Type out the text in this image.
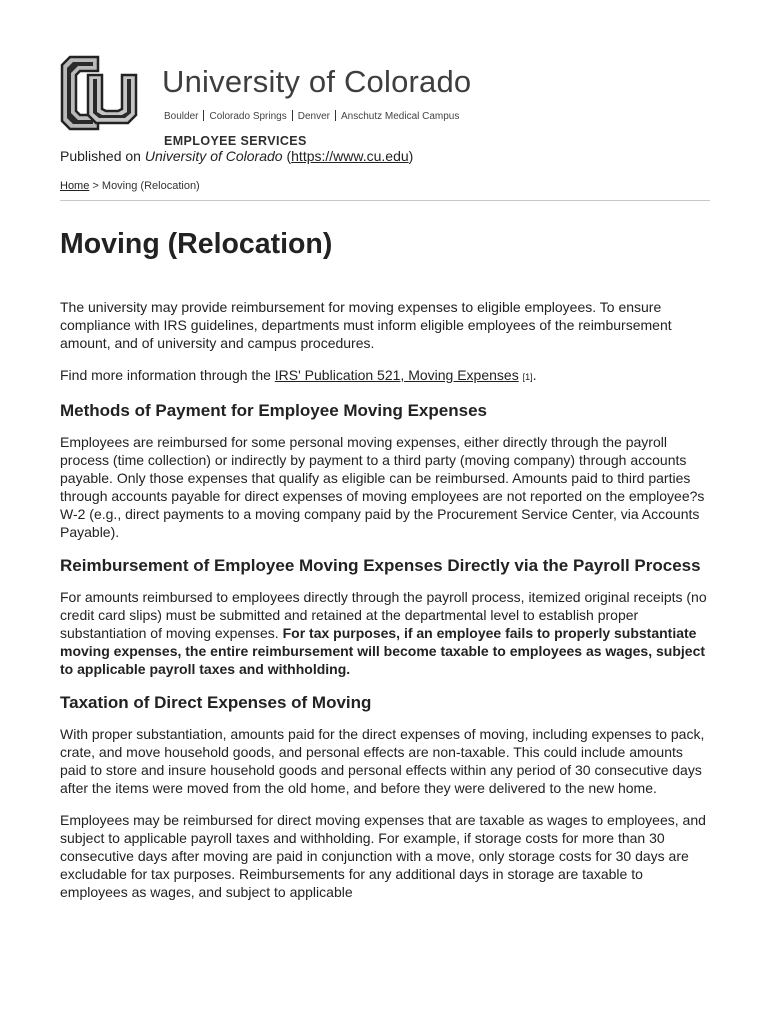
University of Colorado
Boulder Colorado Springs Denver Anschutz Medical Campus
EMPLOYEE SERVICES
Published on University of Colorado (https://www.cu.edu)
Home > Moving (Relocation)
Moving (Relocation)

The university may provide reimbursement for moving expenses to eligible employees. To ensure compliance with IRS guidelines, departments must inform eligible employees of the reimbursement amount, and of university and campus procedures.

Find more information through the IRS' Publication 521, Moving Expenses [1].

Methods of Payment for Employee Moving Expenses

Employees are reimbursed for some personal moving expenses, either directly through the payroll process (time collection) or indirectly by payment to a third party (moving company) through accounts payable. Only those expenses that qualify as eligible can be reimbursed. Amounts paid to third parties through accounts payable for direct expenses of moving employees are not reported on the employee?s W-2 (e.g., direct payments to a moving company paid by the Procurement Service Center, via Accounts Payable).

Reimbursement of Employee Moving Expenses Directly via the Payroll Process

For amounts reimbursed to employees directly through the payroll process, itemized original receipts (no credit card slips) must be submitted and retained at the departmental level to establish proper substantiation of moving expenses. For tax purposes, if an employee fails to properly substantiate moving expenses, the entire reimbursement will become taxable to employees as wages, subject to applicable payroll taxes and withholding.

Taxation of Direct Expenses of Moving

With proper substantiation, amounts paid for the direct expenses of moving, including expenses to pack, crate, and move household goods, and personal effects are non-taxable. This could include amounts paid to store and insure household goods and personal effects within any period of 30 consecutive days after the items were moved from the old home, and before they were delivered to the new home.

Employees may be reimbursed for direct moving expenses that are taxable as wages to employees, and subject to applicable payroll taxes and withholding. For example, if storage costs for more than 30 consecutive days after moving are paid in conjunction with a move, only storage costs for 30 days are excludable for tax purposes. Reimbursements for any additional days in storage are taxable to employees as wages, and subject to applicable
